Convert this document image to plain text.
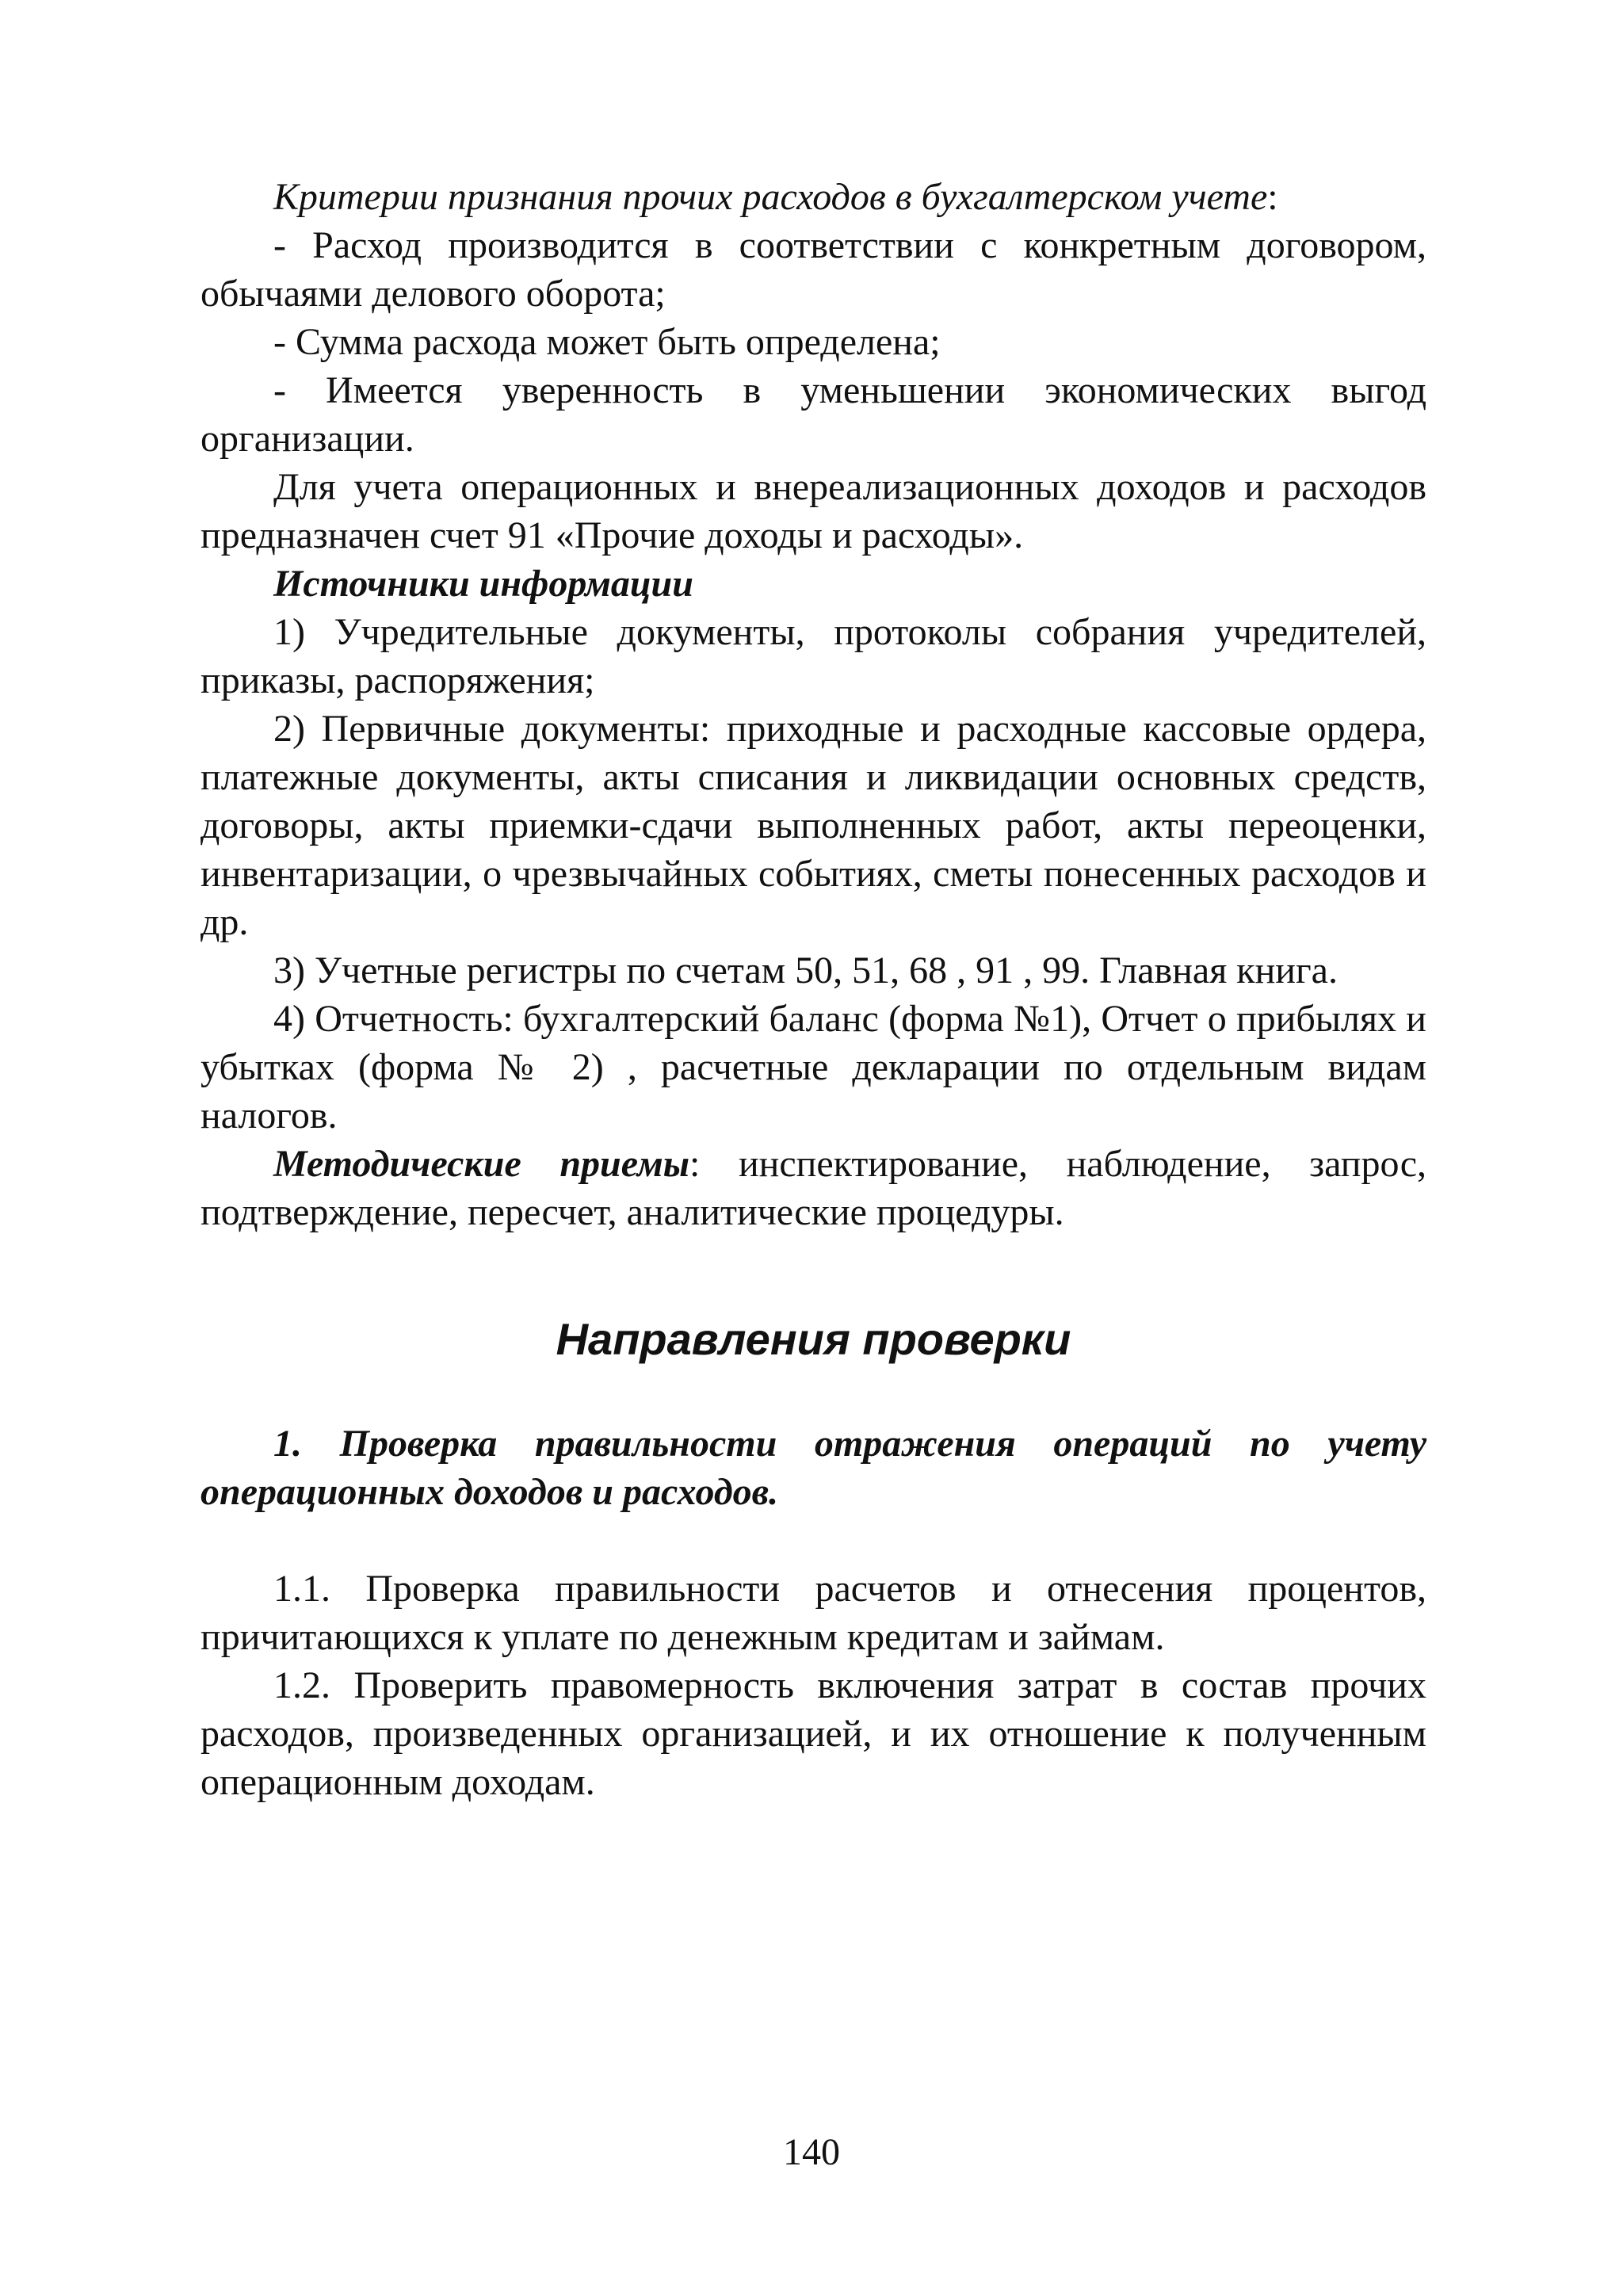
Критерии признания прочих расходов в бухгалтерском учете:

- Расход производится в соответствии с конкретным договором, обычаями делового оборота;

- Сумма расхода может быть определена;

- Имеется уверенность в уменьшении экономических выгод организации.

Для учета операционных и внереализационных доходов и расходов предназначен счет 91 «Прочие доходы и расходы».

Источники информации

1) Учредительные документы, протоколы собрания учредителей, приказы, распоряжения;

2) Первичные документы: приходные и расходные кассовые ордера, платежные документы, акты списания и ликвидации основных средств, договоры, акты приемки-сдачи выполненных работ, акты переоценки, инвентаризации, о чрезвычайных событиях, сметы понесенных расходов и др.

3) Учетные регистры по счетам 50, 51, 68 , 91 , 99. Главная книга.

4) Отчетность: бухгалтерский баланс (форма №1), Отчет о прибылях и убытках (форма № 2) , расчетные декларации по отдельным видам налогов.

Методические приемы: инспектирование, наблюдение, запрос, подтверждение, пересчет, аналитические процедуры.

Направления проверки

1. Проверка правильности отражения операций по учету операционных доходов и расходов.

1.1. Проверка правильности расчетов и отнесения процентов, причитающихся к уплате по денежным кредитам и займам.

1.2. Проверить правомерность включения затрат в состав прочих расходов, произведенных организацией, и их отношение к полученным операционным доходам.

140
